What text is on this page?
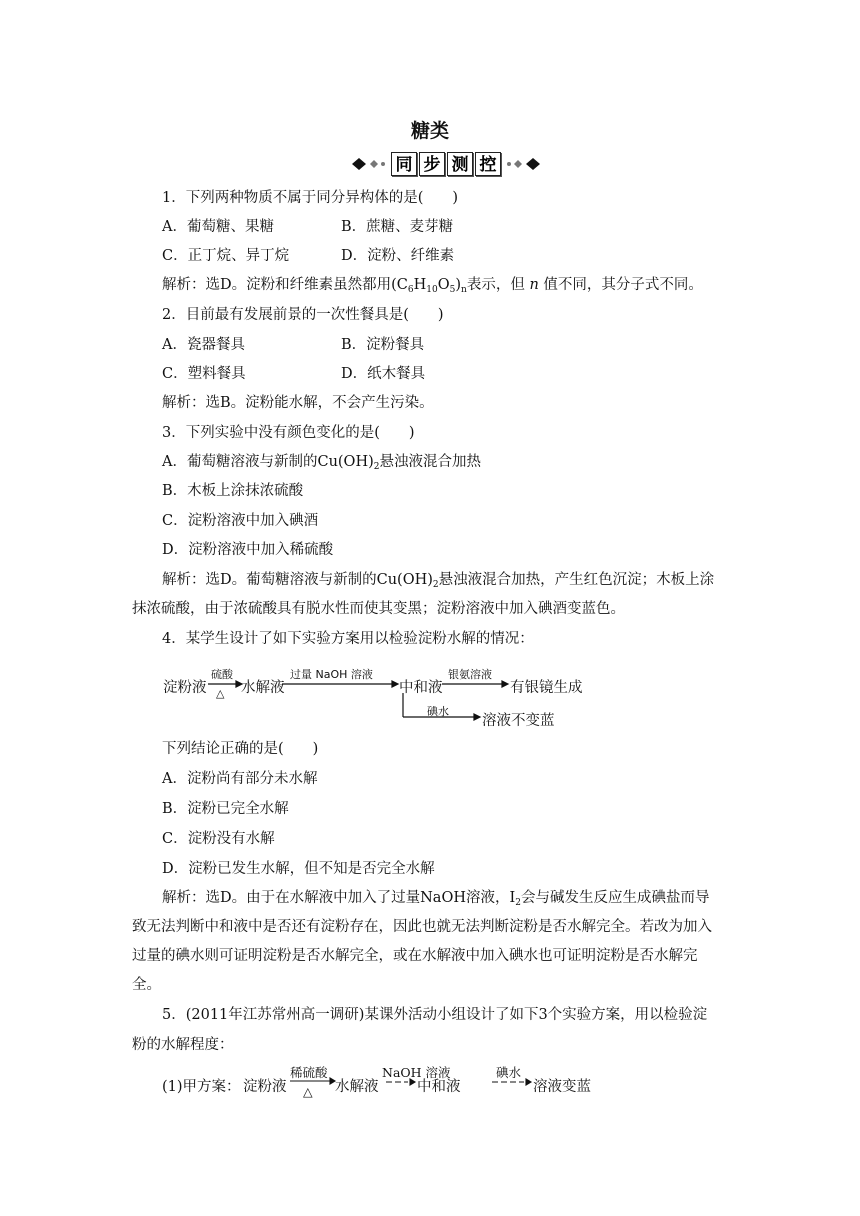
糖类
同 步 测 控
1．下列两种物质不属于同分异构体的是(　　)
A．葡萄糖、果糖	B．蔗糖、麦芽糖
C．正丁烷、异丁烷	D．淀粉、纤维素
解析：选D。淀粉和纤维素虽然都用$(C_6H_{10}O_5)_n$表示，但 n 值不同，其分子式不同。
2．目前最有发展前景的一次性餐具是(　　)
A．瓷器餐具	B．淀粉餐具
C．塑料餐具	D．纸木餐具
解析：选B。淀粉能水解，不会产生污染。
3．下列实验中没有颜色变化的是(　　)
A．葡萄糖溶液与新制的$Cu(OH)_2$悬浊液混合加热
B．木板上涂抹浓硫酸
C．淀粉溶液中加入碘酒
D．淀粉溶液中加入稀硫酸
解析：选D。葡萄糖溶液与新制的$Cu(OH)_2$悬浊液混合加热，产生红色沉淀；木板上涂
抹浓硫酸，由于浓硫酸具有脱水性而使其变黑；淀粉溶液中加入碘酒变蓝色。
4．某学生设计了如下实验方案用以检验淀粉水解的情况：
淀粉液
硫酸
△ 水解液
过量 NaOH 溶液
中和液
银氨溶液
有银镜生成
碘水
溶液不变蓝
下列结论正确的是(　　)
A．淀粉尚有部分未水解
B．淀粉已完全水解
C．淀粉没有水解
D．淀粉已发生水解，但不知是否完全水解
解析：选D。由于在水解液中加入了过量NaOH溶液，$I_2$会与碱发生反应生成碘盐而导
致无法判断中和液中是否还有淀粉存在，因此也就无法判断淀粉是否水解完全。若改为加入
过量的碘水则可证明淀粉是否水解完全，或在水解液中加入碘水也可证明淀粉是否水解完
全。
5．(2011年江苏常州高一调研)某课外活动小组设计了如下3个实验方案，用以检验淀
粉的水解程度：
(1)甲方案： 淀粉液
稀硫酸
△ 水解液
NaOH 溶液
中和液
碘水
溶液变蓝
